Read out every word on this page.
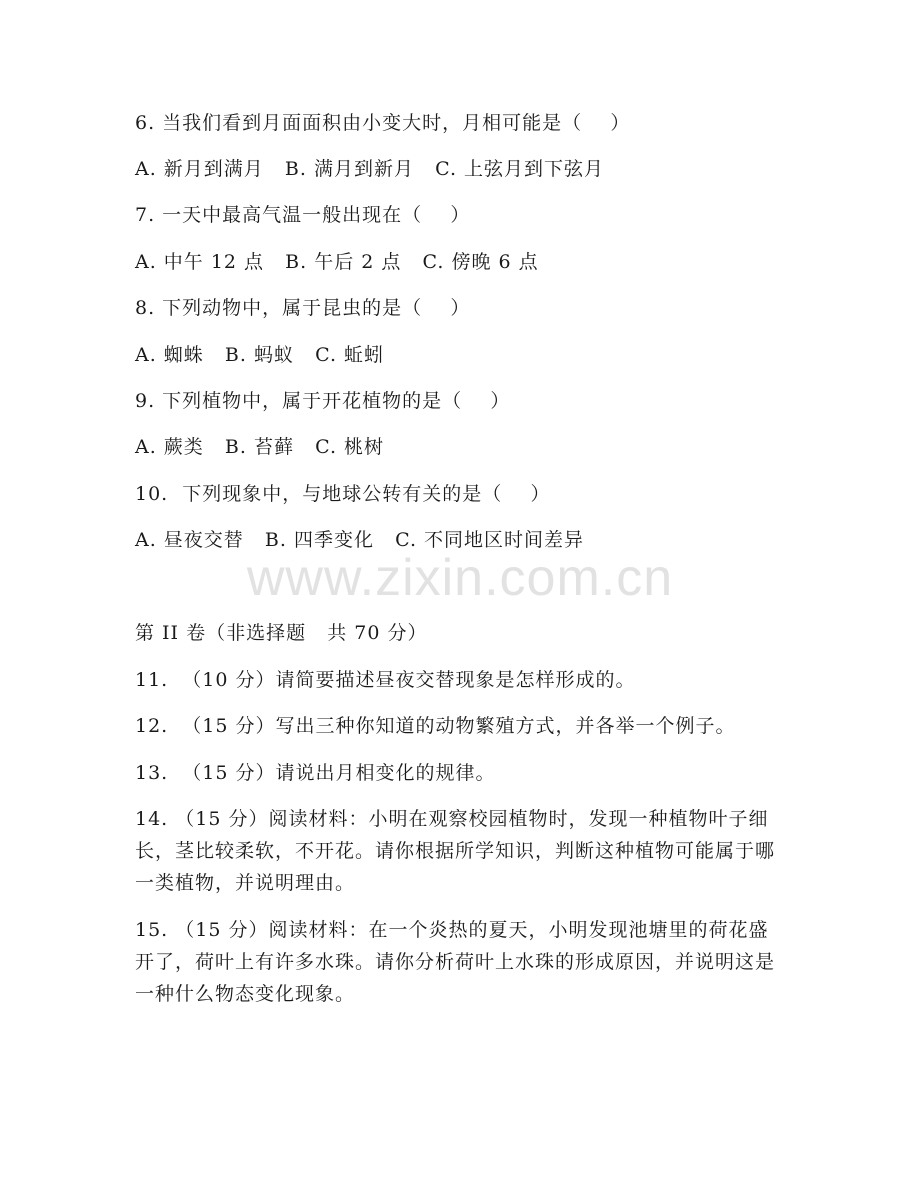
6. 当我们看到月面面积由小变大时，月相可能是（    ）
A. 新月到满月   B. 满月到新月   C. 上弦月到下弦月
7. 一天中最高气温一般出现在（    ）
A. 中午 12 点   B. 午后 2 点   C. 傍晚 6 点
8. 下列动物中，属于昆虫的是（    ）
A. 蜘蛛   B. 蚂蚁   C. 蚯蚓
9. 下列植物中，属于开花植物的是（    ）
A. 蕨类   B. 苔藓   C. 桃树
10.  下列现象中，与地球公转有关的是（    ）
A. 昼夜交替   B. 四季变化   C. 不同地区时间差异
www.zixin.com.cn
第 II 卷（非选择题   共 70 分）
11.  （10 分）请简要描述昼夜交替现象是怎样形成的。
12.  （15 分）写出三种你知道的动物繁殖方式，并各举一个例子。
13.  （15 分）请说出月相变化的规律。
14. （15 分）阅读材料：小明在观察校园植物时，发现一种植物叶子细长，茎比较柔软，不开花。请你根据所学知识，判断这种植物可能属于哪一类植物，并说明理由。
15. （15 分）阅读材料：在一个炎热的夏天，小明发现池塘里的荷花盛开了，荷叶上有许多水珠。请你分析荷叶上水珠的形成原因，并说明这是一种什么物态变化现象。
